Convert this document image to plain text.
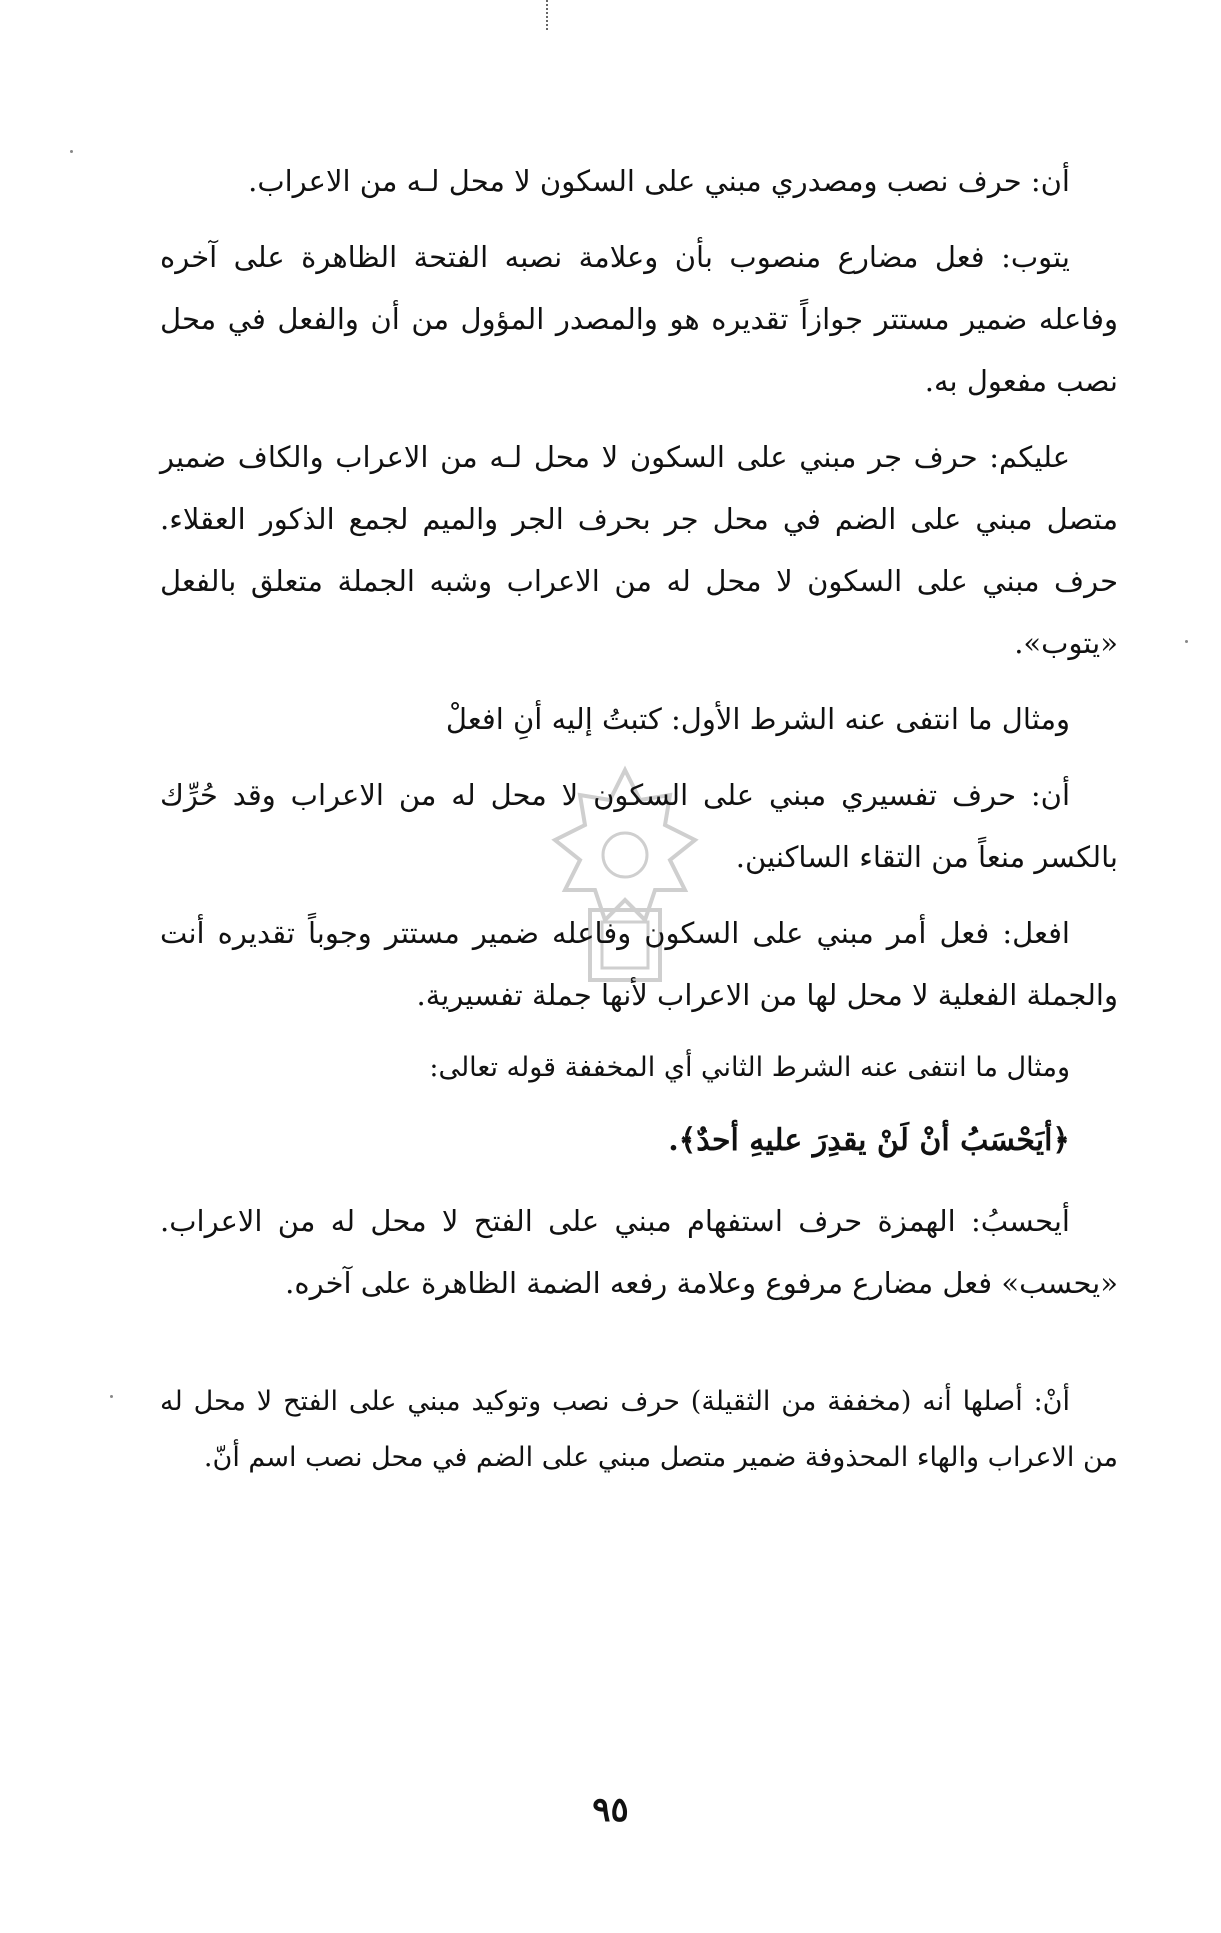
أن: حرف نصب ومصدري مبني على السكون لا محل لـه من الاعراب.

يتوب: فعل مضارع منصوب بأن وعلامة نصبه الفتحة الظاهرة على آخره وفاعله ضمير مستتر جوازاً تقديره هو والمصدر المؤول من أن والفعل في محل نصب مفعول به.

عليكم: حرف جر مبني على السكون لا محل لـه من الاعراب والكاف ضمير متصل مبني على الضم في محل جر بحرف الجر والميم لجمع الذكور العقلاء. حرف مبني على السكون لا محل له من الاعراب وشبه الجملة متعلق بالفعل «يتوب».

ومثال ما انتفى عنه الشرط الأول: كتبتُ إليه أنِ افعلْ

أن: حرف تفسيري مبني على السكون لا محل له من الاعراب وقد حُرِّك بالكسر منعاً من التقاء الساكنين.

افعل: فعل أمر مبني على السكون وفاعله ضمير مستتر وجوباً تقديره أنت والجملة الفعلية لا محل لها من الاعراب لأنها جملة تفسيرية.

ومثال ما انتفى عنه الشرط الثاني أي المخففة قوله تعالى:

﴿أيَحْسَبُ أنْ لَنْ يقدِرَ عليهِ أحدٌ﴾.

أيحسبُ: الهمزة حرف استفهام مبني على الفتح لا محل له من الاعراب. «يحسب» فعل مضارع مرفوع وعلامة رفعه الضمة الظاهرة على آخره.

أنْ: أصلها أنه (مخففة من الثقيلة) حرف نصب وتوكيد مبني على الفتح لا محل له من الاعراب والهاء المحذوفة ضمير متصل مبني على الضم في محل نصب اسم أنّ.

٩٥
